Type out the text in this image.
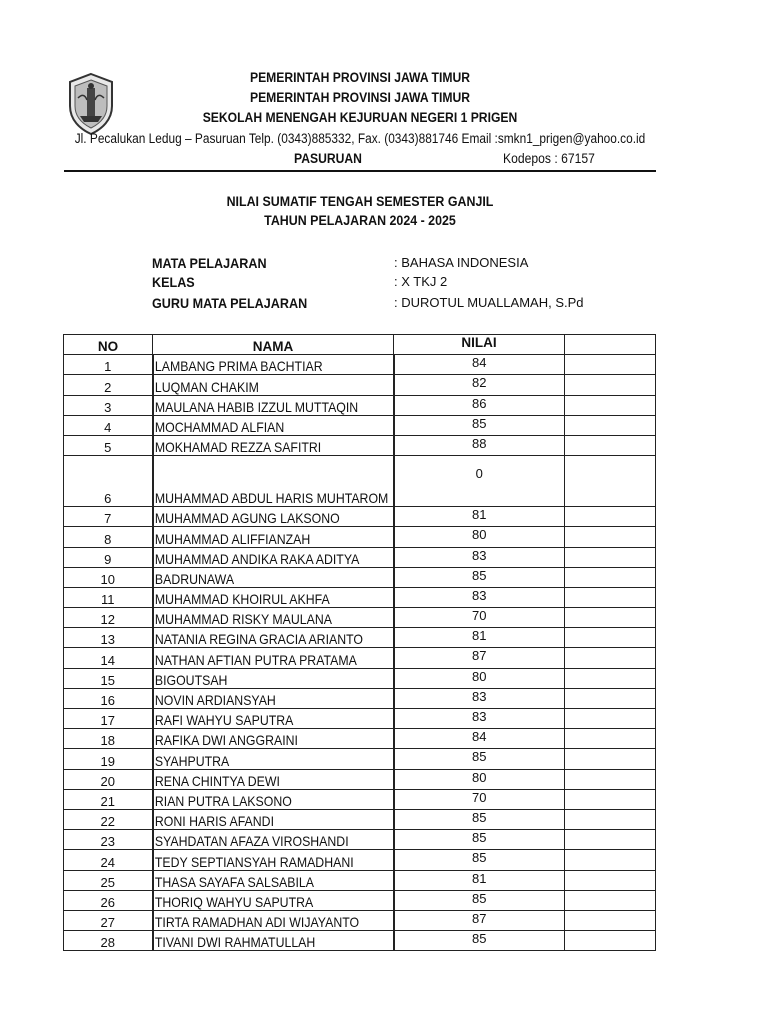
PEMERINTAH PROVINSI JAWA TIMUR
PEMERINTAH PROVINSI JAWA TIMUR
SEKOLAH MENENGAH KEJURUAN NEGERI 1 PRIGEN
Jl. Pecalukan Ledug – Pasuruan Telp. (0343)885332, Fax. (0343)881746 Email :smkn1_prigen@yahoo.co.id
PASURUAN	Kodepos : 67157
NILAI SUMATIF TENGAH SEMESTER GANJIL
TAHUN PELAJARAN 2024 - 2025
MATA PELAJARAN	: BAHASA INDONESIA
KELAS	: X TKJ 2
GURU MATA PELAJARAN	: DUROTUL MUALLAMAH, S.Pd
NO	NAMA	NILAI	
1	LAMBANG PRIMA BACHTIAR	84	
2	LUQMAN CHAKIM	82	
3	MAULANA HABIB IZZUL MUTTAQIN	86	
4	MOCHAMMAD ALFIAN	85	
5	MOKHAMAD REZZA SAFITRI	88	
6	MUHAMMAD ABDUL HARIS MUHTAROM	0	
7	MUHAMMAD AGUNG LAKSONO	81	
8	MUHAMMAD ALIFFIANZAH	80	
9	MUHAMMAD ANDIKA RAKA ADITYA	83	
10	BADRUNAWA	85	
11	MUHAMMAD KHOIRUL AKHFA	83	
12	MUHAMMAD RISKY MAULANA	70	
13	NATANIA REGINA GRACIA ARIANTO	81	
14	NATHAN AFTIAN PUTRA PRATAMA	87	
15	BIGOUTSAH	80	
16	NOVIN ARDIANSYAH	83	
17	RAFI WAHYU SAPUTRA	83	
18	RAFIKA DWI ANGGRAINI	84	
19	SYAHPUTRA	85	
20	RENA CHINTYA DEWI	80	
21	RIAN PUTRA LAKSONO	70	
22	RONI HARIS AFANDI	85	
23	SYAHDATAN AFAZA VIROSHANDI	85	
24	TEDY SEPTIANSYAH RAMADHANI	85	
25	THASA SAYAFA SALSABILA	81	
26	THORIQ WAHYU SAPUTRA	85	
27	TIRTA RAMADHAN ADI WIJAYANTO	87	
28	TIVANI DWI RAHMATULLAH	85	
